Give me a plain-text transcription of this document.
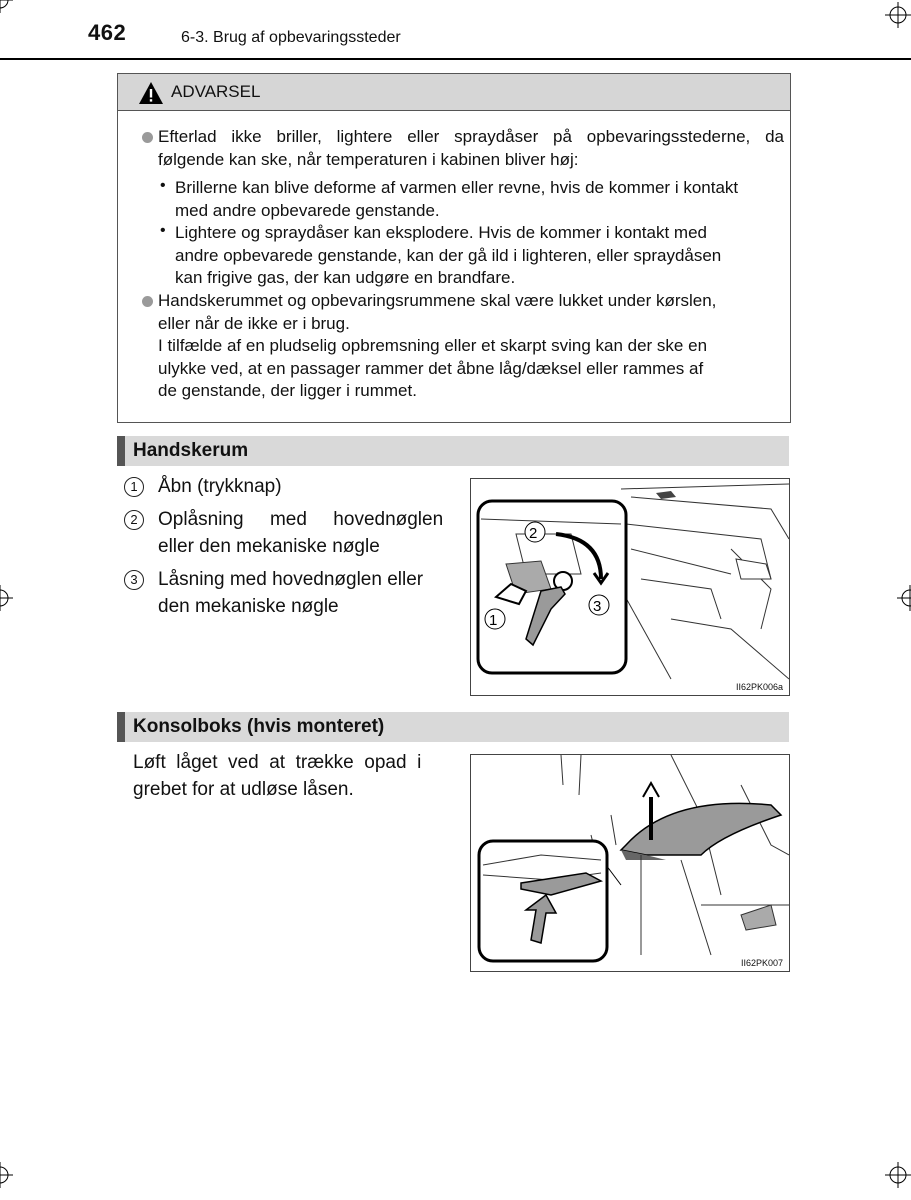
462	6-3. Brug af opbevaringssteder
ADVARSEL
Efterlad ikke briller, lightere eller spraydåser på opbevaringsstederne, da
følgende kan ske, når temperaturen i kabinen bliver høj:
• Brillerne kan blive deforme af varmen eller revne, hvis de kommer i kontakt
med andre opbevarede genstande.
• Lightere og spraydåser kan eksplodere. Hvis de kommer i kontakt med
andre opbevarede genstande, kan der gå ild i lighteren, eller spraydåsen
kan frigive gas, der kan udgøre en brandfare.
Handskerummet og opbevaringsrummene skal være lukket under kørslen,
eller når de ikke er i brug.
I tilfælde af en pludselig opbremsning eller et skarpt sving kan der ske en
ulykke ved, at en passager rammer det åbne låg/dæksel eller rammes af
de genstande, der ligger i rummet.
Handskerum
1	Åbn (trykknap)
2	Oplåsning     med     hovednøglen
eller den mekaniske nøgle
3	Låsning med hovednøglen eller
den mekaniske nøgle
2
3
1
II62PK006a
Konsolboks (hvis monteret)
Løft  låget  ved  at  trække  opad  i
grebet for at udløse låsen.
II62PK007
